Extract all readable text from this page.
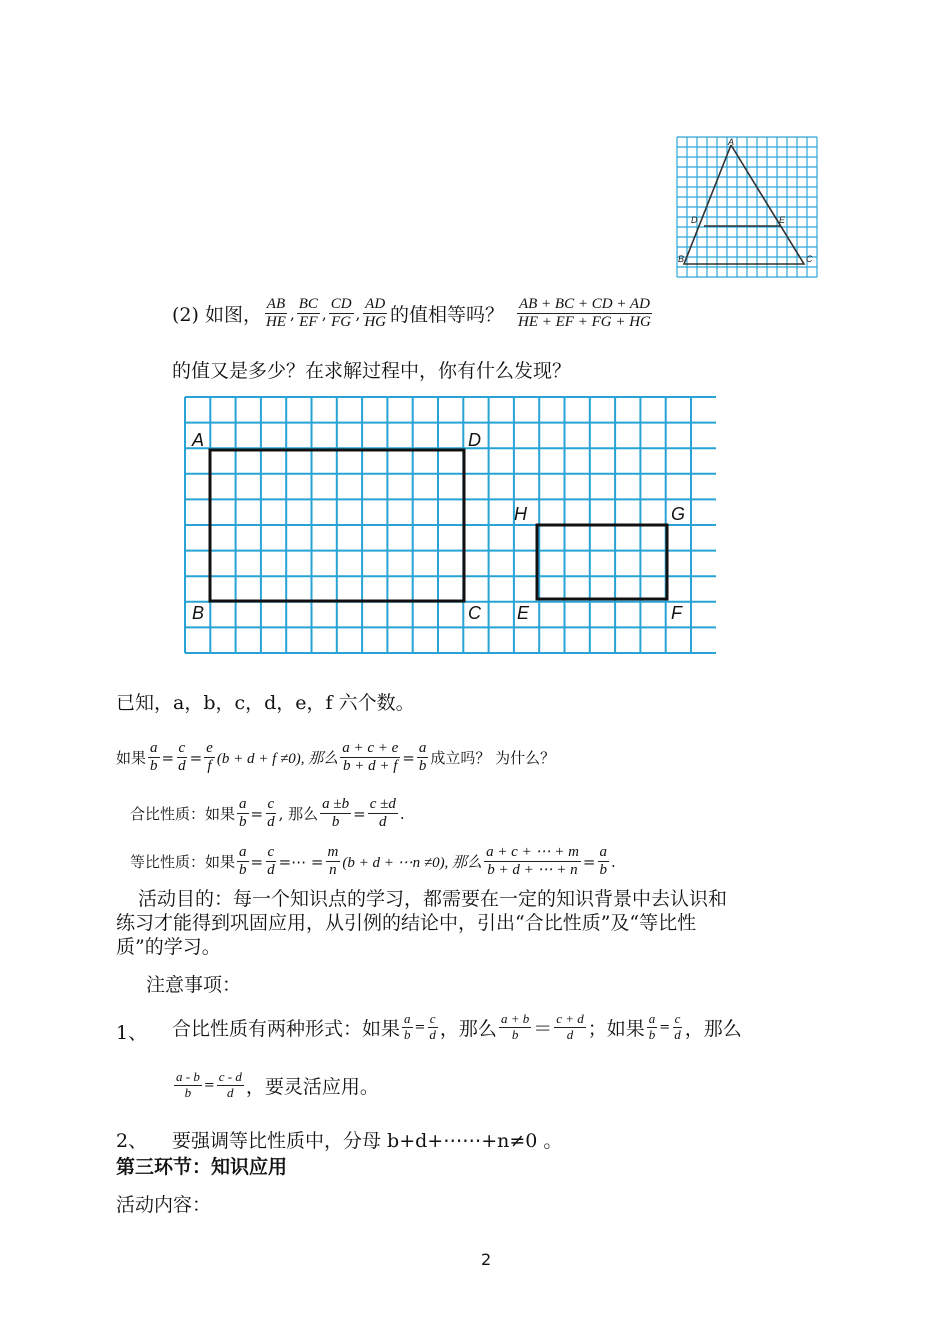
A
D	E
B	C
(2) 如图， $\frac{AB}{HE}$ , $\frac{BC}{EF}$ , $\frac{CD}{FG}$ , $\frac{AD}{HG}$ 的值相等吗？ $\frac{AB + BC + CD + AD}{HE + EF + FG + HG}$
的值又是多少？在求解过程中，你有什么发现？
A	D
B	C
H	G
E	F
已知，a，b，c，d，e，f 六个数。
如果 $\frac{a}{b} = \frac{c}{d} = \frac{e}{f} (b + d + f \ne 0)$, 那么 $\frac{a + c + e}{b + d + f} = \frac{a}{b}$ 成立吗？ 为什么？
合比性质：如果 $\frac{a}{b} = \frac{c}{d}$ , 那么 $\frac{a \pm b}{b} = \frac{c \pm d}{d}$ .
等比性质：如果 $\frac{a}{b} = \frac{c}{d}$ =⋯ = $\frac{m}{n} (b + d$ + ⋯n ≠0), 那么 $\frac{a + c + \cdots + m}{b + d + \cdots + n} = \frac{a}{b}$ .
活动目的：每一个知识点的学习，都需要在一定的知识背景中去认识和
练习才能得到巩固应用，从引例的结论中，引出“合比性质”及“等比性
质”的学习。
注意事项：
1、 合比性质有两种形式：如果 $\frac{a}{b} = \frac{c}{d}$ ，那么 $\frac{a + b}{b} = \frac{c + d}{d}$ ；如果 $\frac{a}{b} = \frac{c}{d}$ ，那么
$\frac{a - b}{b} = \frac{c - d}{d}$ ，要灵活应用。
2、 要强调等比性质中，分母 b+d+⋯⋯+n≠0 。
第三环节：知识应用
活动内容：
2
